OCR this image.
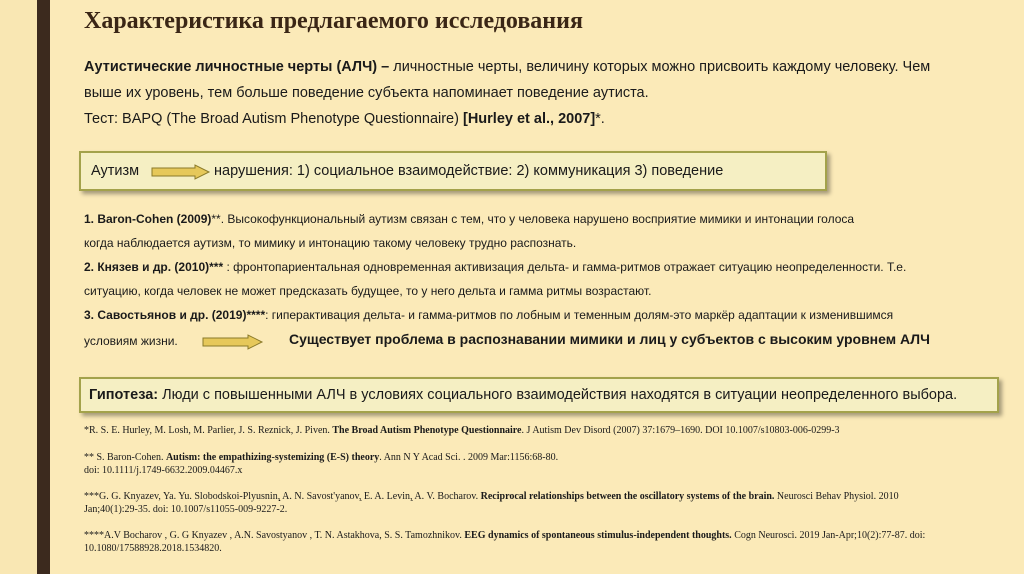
Характеристика предлагаемого исследования
Аутистические личностные черты (АЛЧ) – личностные черты, величину которых можно присвоить каждому человеку. Чем
выше их уровень, тем больше поведение субъекта напоминает поведение аутиста.
Тест: BAPQ (The Broad Autism Phenotype Questionnaire) [Hurley et al., 2007]*.
Аутизм	нарушения: 1) социальное взаимодействие: 2) коммуникация 3) поведение
1. Baron-Cohen (2009)**. Высокофункциональный аутизм связан с тем, что у человека нарушено восприятие мимики и интонации голоса
когда наблюдается аутизм, то мимику и интонацию такому человеку трудно распознать.
2. Князев и др. (2010)*** : фронтопариентальная одновременная активизация дельта- и гамма-ритмов отражает ситуацию неопределенности. Т.е.
ситуацию, когда человек не может предсказать будущее, то у него дельта и гамма ритмы возрастают.
3. Савостьянов и др. (2019)****: гиперактивация дельта- и гамма-ритмов по лобным и теменным долям-это маркёр адаптации к изменившимся
условиям жизни.	Существует проблема в распознавании мимики и лиц у субъектов с высоким уровнем АЛЧ
Гипотеза: Люди с повышенными АЛЧ в условиях социального взаимодействия находятся в ситуации неопределенного выбора.
*R. S. E. Hurley, M. Losh, M. Parlier, J. S. Reznick, J. Piven. The Broad Autism Phenotype Questionnaire. J Autism Dev Disord (2007) 37:1679–1690. DOI 10.1007/s10803-006-0299-3
** S. Baron-Cohen. Autism: the empathizing-systemizing (E-S) theory. Ann N Y Acad Sci. . 2009 Mar:1156:68-80.
doi: 10.1111/j.1749-6632.2009.04467.x
***G. G. Knyazev, Ya. Yu. Slobodskoi-Plyusnin, A. N. Savost'yanov, E. A. Levin, A. V. Bocharov. Reciprocal relationships between the oscillatory systems of the brain. Neurosci Behav Physiol. 2010
Jan;40(1):29-35. doi: 10.1007/s11055-009-9227-2.
****A.V Bocharov , G. G Knyazev , A.N. Savostyanov , T. N. Astakhova, S. S. Tamozhnikov. EEG dynamics of spontaneous stimulus-independent thoughts. Cogn Neurosci. 2019 Jan-Apr;10(2):77-87. doi:
10.1080/17588928.2018.1534820.
